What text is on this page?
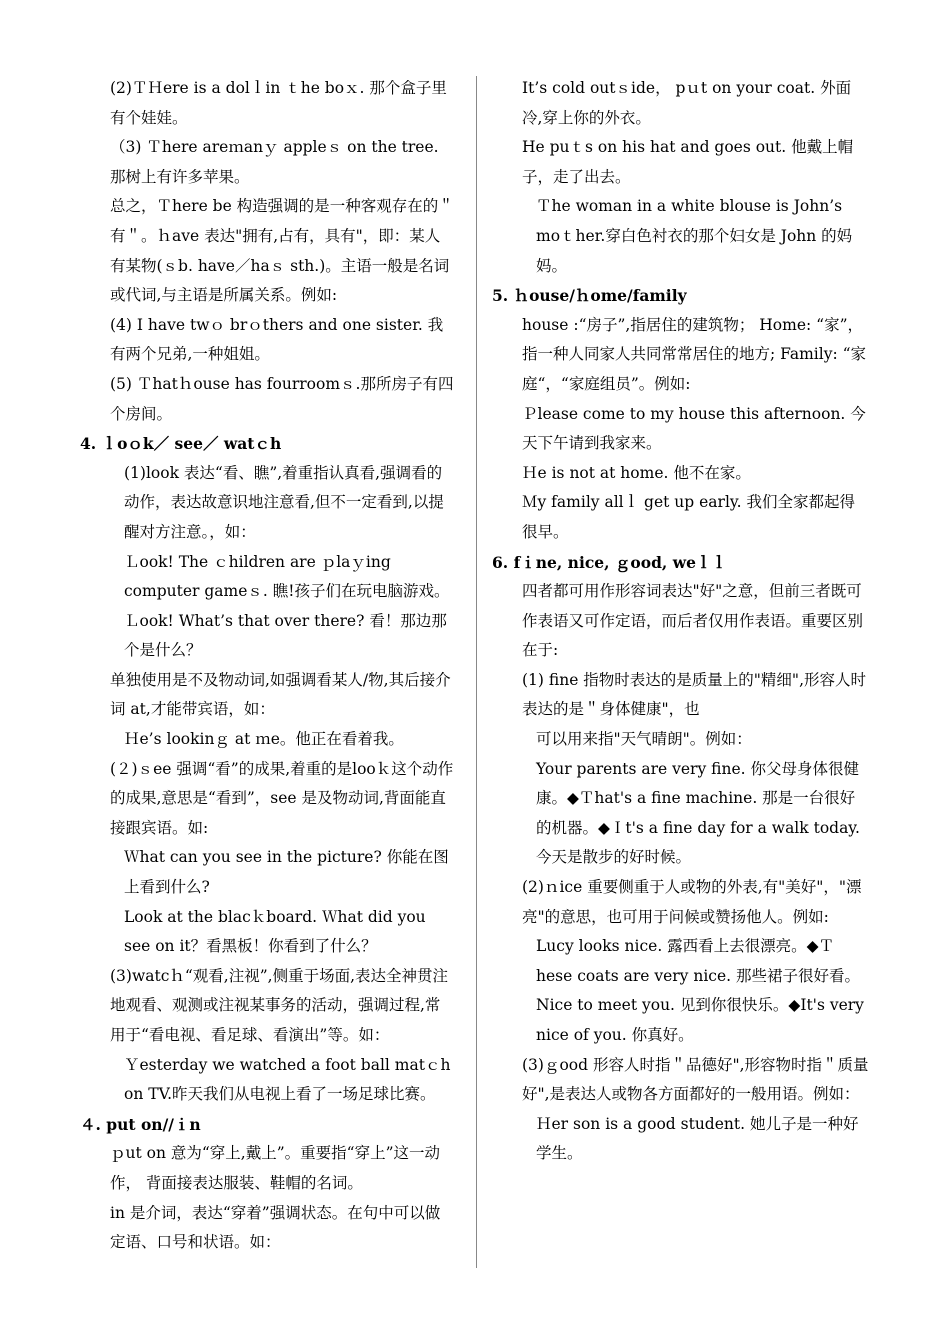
(2)ＴＨere is a dolｌin ｔhe boｘ. 那个盒子里有个娃娃。

（3) Ｔhere areｍanｙ appleｓ on the tree. 那树上有许多苹果。

总之，Ｔhere be 构造强调的是一种客观存在的＂有＂。ｈave 表达"拥有,占有，具有"，即：某人有某物(ｓb. have／haｓ sth.)。主语一般是名词或代词,与主语是所属关系。例如:

(4) I have twｏ brｏthers and one sister. 我有两个兄弟,一种姐姐。

(5) Ｔhatｈouse has fourroomｓ.那所房子有四个房间。

4. ｌoｏk／ see／ watｃh

(1)look 表达“看、瞧”,着重指认真看,强调看的动作，表达故意识地注意看,但不一定看到,以提醒对方注意。，如：

Ｌook! The ｃhildren are ｐlaｙing computer gameｓ. 瞧!孩子们在玩电脑游戏。

Ｌook! What’s that over there? 看！那边那个是什么？

单独使用是不及物动词,如强调看某人/物,其后接介词 at,才能带宾语，如：

Ｈe’s lookinｇ at ｍe。他正在看着我。

(２)ｓee 强调“看”的成果,着重的是looｋ这个动作的成果,意思是“看到”，see 是及物动词,背面能直接跟宾语。如:

Ｗhat can you see in the picture? 你能在图上看到什么?

Look at the blacｋboard. Ｗhat did you see on it？看黑板！你看到了什么？

(3)watcｈ“观看,注视”,侧重于场面,表达全神贯注地观看、观测或注视某事务的活动，强调过程,常用于“看电视、看足球、看演出”等。如：

Ｙesterday we watched a foot ball matｃh on TV.昨天我们从电视上看了一场足球比赛。

４. put on//ｉn

ｐut on 意为“穿上,戴上”。重要指“穿上”这一动作， 背面接表达服装、鞋帽的名词。

in 是介词，表达“穿着”强调状态。在句中可以做定语、口号和状语。如：

It’s cold outｓide， pｕt on your coat. 外面冷,穿上你的外衣。

He puｔs on his hat and goes out. 他戴上帽子，走了出去。

Ｔhe woman in a white blouse is John’s moｔher.穿白色衬衣的那个妇女是 John 的妈妈。

5. ｈouse/ｈome/family

house :“房子”,指居住的建筑物； Home: “家”， 指一种人同家人共同常常居住的地方; Family: “家庭“，“家庭组员”。例如:

Ｐlease come to my house this afternoon. 今天下午请到我家来。

Ｈe is not at home. 他不在家。

Ｍy family allｌ get up early. 我们全家都起得很早。

6. fｉne, nice, ｇood, weｌｌ

四者都可用作形容词表达"好"之意，但前三者既可作表语又可作定语，而后者仅用作表语。重要区别在于:

(1) fine 指物时表达的是质量上的"精细",形容人时表达的是＂身体健康"，也

可以用来指"天气晴朗"。例如：

Your parents are very fine. 你父母身体很健康。◆Ｔhat's a fine machine. 那是一台很好的机器。◆Ｉt's a fine day for a walk today. 今天是散步的好时候。

(2)ｎice 重要侧重于人或物的外表,有"美好"，"漂亮"的意思，也可用于问候或赞扬他人。例如:

Lucy looks nice. 露西看上去很漂亮。◆Ｔhese coats are very nice. 那些裙子很好看。

Nice to meet you. 见到你很快乐。◆It's very nice of you. 你真好。

(3)ｇood 形容人时指＂品德好",形容物时指＂质量好",是表达人或物各方面都好的一般用语。例如：

Ｈer son is a good student. 她儿子是一种好学生。
